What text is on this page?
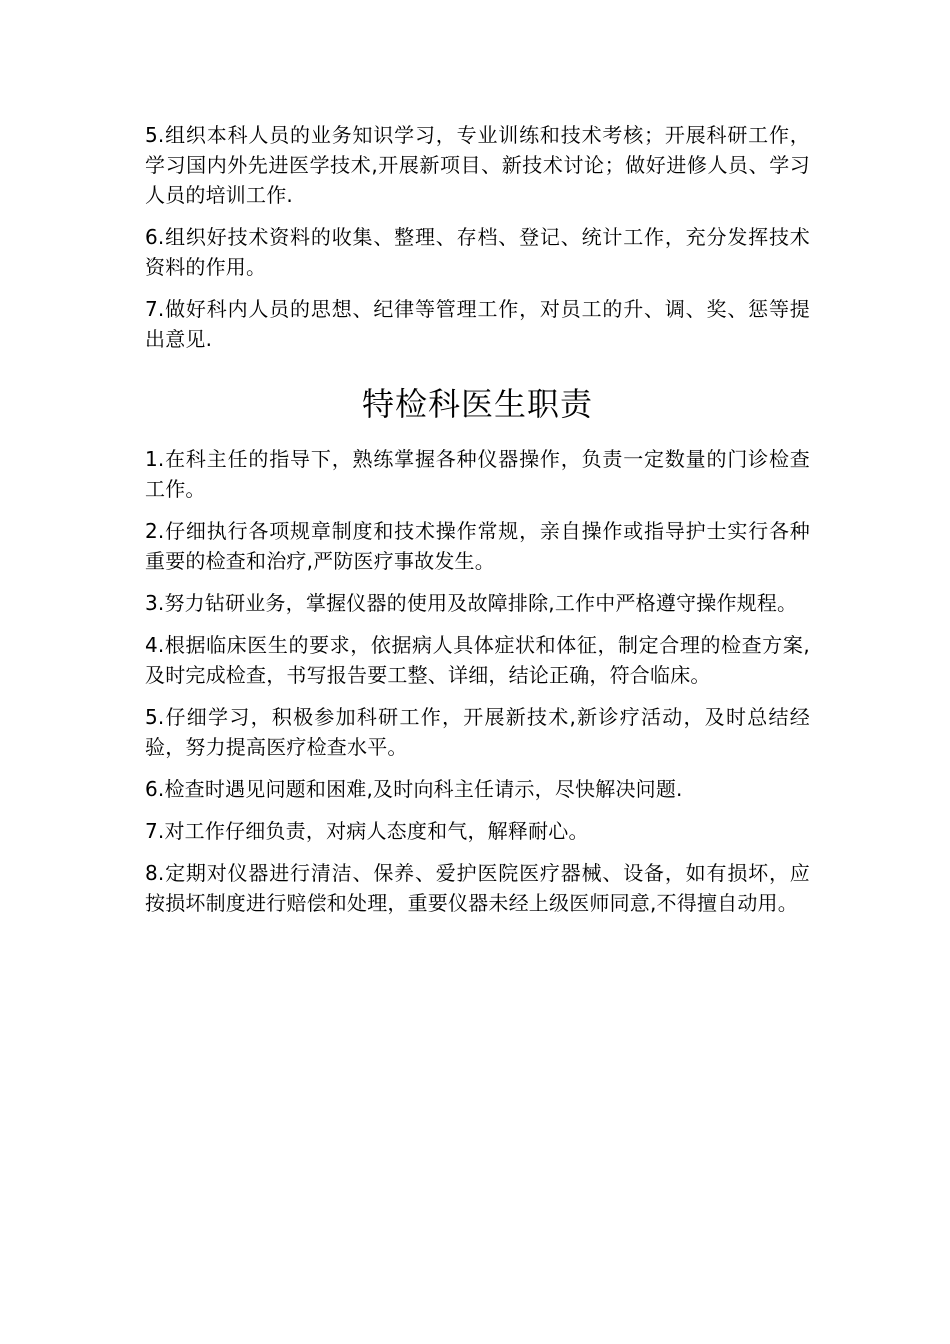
5.组织本科人员的业务知识学习，专业训练和技术考核；开展科研工作，学习国内外先进医学技术,开展新项目、新技术讨论；做好进修人员、学习人员的培训工作.

6.组织好技术资料的收集、整理、存档、登记、统计工作，充分发挥技术资料的作用。

7.做好科内人员的思想、纪律等管理工作，对员工的升、调、奖、惩等提出意见.

特检科医生职责

1.在科主任的指导下，熟练掌握各种仪器操作，负责一定数量的门诊检查工作。

2.仔细执行各项规章制度和技术操作常规，亲自操作或指导护士实行各种重要的检查和治疗,严防医疗事故发生。

3.努力钻研业务，掌握仪器的使用及故障排除,工作中严格遵守操作规程。

4.根据临床医生的要求，依据病人具体症状和体征，制定合理的检查方案,及时完成检查，书写报告要工整、详细，结论正确，符合临床。

5.仔细学习，积极参加科研工作，开展新技术,新诊疗活动，及时总结经验，努力提高医疗检查水平。

6.检查时遇见问题和困难,及时向科主任请示，尽快解决问题.

7.对工作仔细负责，对病人态度和气，解释耐心。

8.定期对仪器进行清洁、保养、爱护医院医疗器械、设备，如有损坏，应按损坏制度进行赔偿和处理，重要仪器未经上级医师同意,不得擅自动用。
